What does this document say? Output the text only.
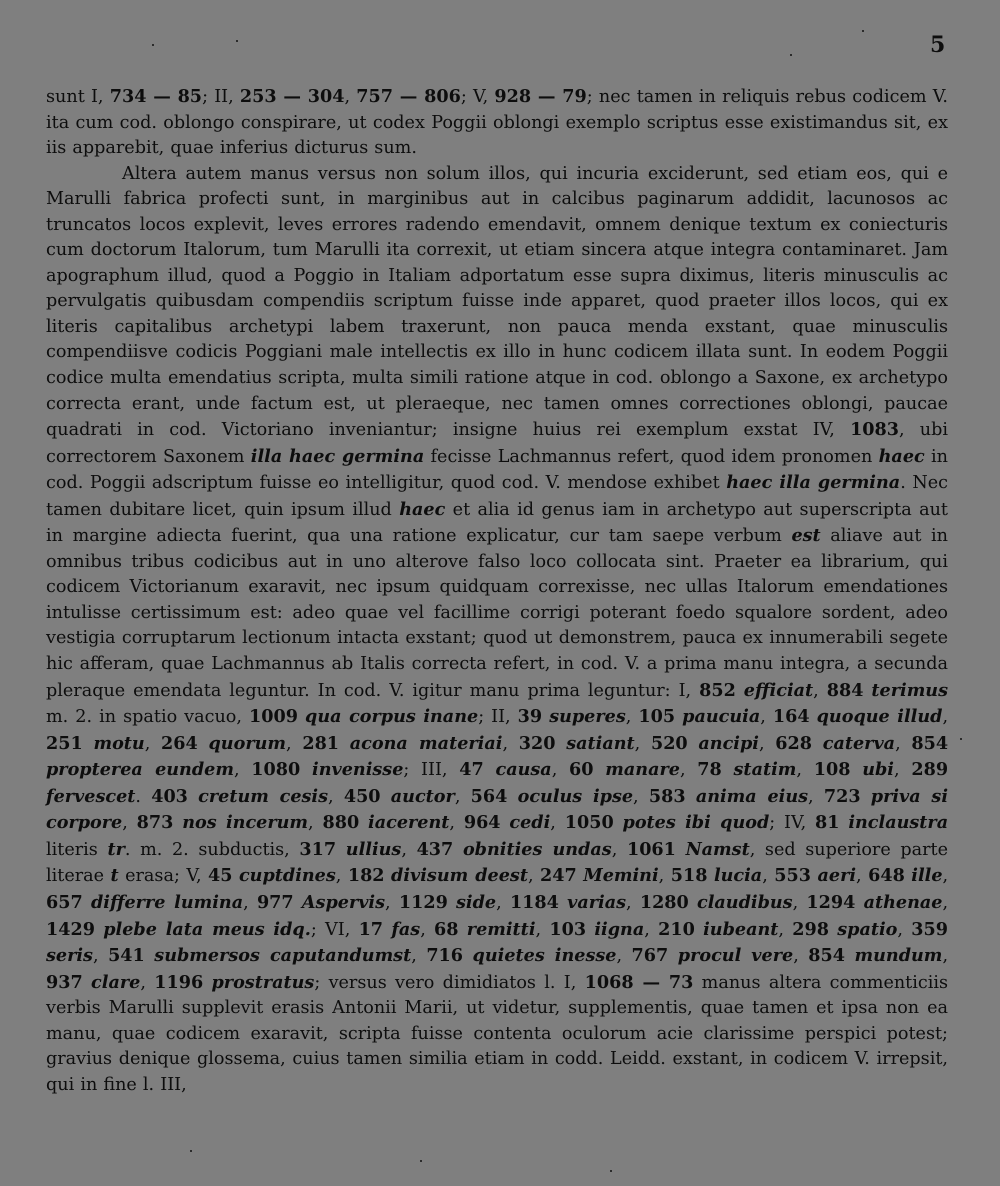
5

sunt I, 734 — 85; II, 253 — 304, 757 — 806; V, 928 — 79; nec tamen in reliquis rebus codicem V. ita cum cod. oblongo conspirare, ut codex Poggii oblongi exemplo scriptus esse existimandus sit, ex iis apparebit, quae inferius dicturus sum.

Altera autem manus versus non solum illos, qui incuria exciderunt, sed etiam eos, qui e Marulli fabrica profecti sunt, in marginibus aut in calcibus paginarum addidit, lacunosos ac truncatos locos explevit, leves errores radendo emendavit, omnem denique textum ex coniecturis cum doctorum Italorum, tum Marulli ita correxit, ut etiam sincera atque integra contaminaret. Jam apographum illud, quod a Poggio in Italiam adportatum esse supra diximus, literis minusculis ac pervulgatis quibusdam compendiis scriptum fuisse inde apparet, quod praeter illos locos, qui ex literis capitalibus archetypi labem traxerunt, non pauca menda exstant, quae minusculis compendiisve codicis Poggiani male intellectis ex illo in hunc codicem illata sunt. In eodem Poggii codice multa emendatius scripta, multa simili ratione atque in cod. oblongo a Saxone, ex archetypo correcta erant, unde factum est, ut pleraeque, nec tamen omnes correctiones oblongi, paucae quadrati in cod. Victoriano inveniantur; insigne huius rei exemplum exstat IV, 1083, ubi correctorem Saxonem illa haec germina fecisse Lachmannus refert, quod idem pronomen haec in cod. Poggii adscriptum fuisse eo intelligitur, quod cod. V. mendose exhibet haec illa germina. Nec tamen dubitare licet, quin ipsum illud haec et alia id genus iam in archetypo aut superscripta aut in margine adiecta fuerint, qua una ratione explicatur, cur tam saepe verbum est aliave aut in omnibus tribus codicibus aut in uno alterove falso loco collocata sint. Praeter ea librarium, qui codicem Victorianum exaravit, nec ipsum quidquam correxisse, nec ullas Italorum emendationes intulisse certissimum est: adeo quae vel facillime corrigi poterant foedo squalore sordent, adeo vestigia corruptarum lectionum intacta exstant; quod ut demonstrem, pauca ex innumerabili segete hic afferam, quae Lachmannus ab Italis correcta refert, in cod. V. a prima manu integra, a secunda pleraque emendata leguntur. In cod. V. igitur manu prima leguntur: I, 852 efficiat, 884 terimus m. 2. in spatio vacuo, 1009 qua corpus inane; II, 39 superes, 105 paucuia, 164 quoque illud, 251 motu, 264 quorum, 281 acona materiai, 320 satiant, 520 ancipi, 628 caterva, 854 propterea eundem, 1080 invenisse; III, 47 causa, 60 manare, 78 statim, 108 ubi, 289 fervescet. 403 cretum cesis, 450 auctor, 564 oculus ipse, 583 anima eius, 723 priva si corpore, 873 nos incerum, 880 iacerent, 964 cedi, 1050 potes ibi quod; IV, 81 inclaustra literis tr. m. 2. subductis, 317 ullius, 437 obnities undas, 1061 Namst, sed superiore parte literae t erasa; V, 45 cuptdines, 182 divisum deest, 247 Memini, 518 lucia, 553 aeri, 648 ille, 657 differre lumina, 977 Aspervis, 1129 side, 1184 varias, 1280 claudibus, 1294 athenae, 1429 plebe lata meus idq.; VI, 17 fas, 68 remitti, 103 iigna, 210 iubeant, 298 spatio, 359 seris, 541 submersos caputandumst, 716 quietes inesse, 767 procul vere, 854 mundum, 937 clare, 1196 prostratus; versus vero dimidiatos l. I, 1068 — 73 manus altera commenticiis verbis Marulli supplevit erasis Antonii Marii, ut videtur, supplementis, quae tamen et ipsa non ea manu, quae codicem exaravit, scripta fuisse contenta oculorum acie clarissime perspici potest; gravius denique glossema, cuius tamen similia etiam in codd. Leidd. exstant, in codicem V. irrepsit, qui in fine l. III,
